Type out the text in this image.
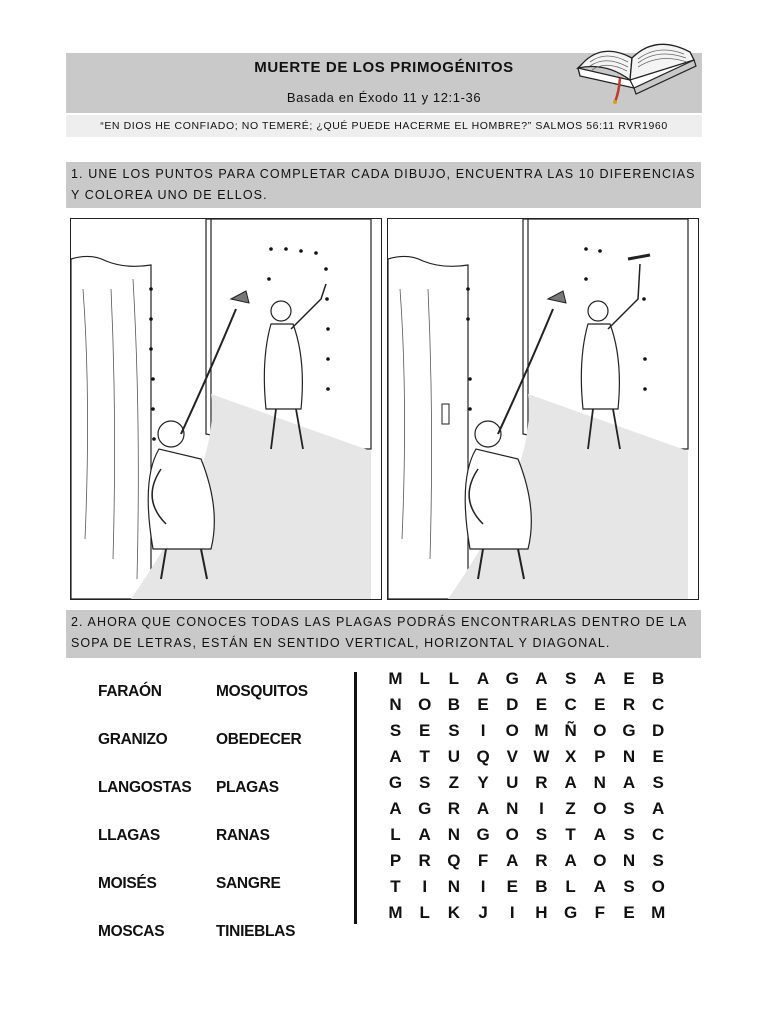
MUERTE DE LOS PRIMOGÉNITOS
Basada en Éxodo 11 y 12:1-36
“EN DIOS HE CONFIADO; NO TEMERÉ; ¿QUÉ PUEDE HACERME EL HOMBRE?” SALMOS 56:11 RVR1960
1. UNE LOS PUNTOS PARA COMPLETAR CADA DIBUJO, ENCUENTRA LAS 10 DIFERENCIAS Y COLOREA UNO DE ELLOS.
2. AHORA QUE CONOCES TODAS LAS PLAGAS PODRÁS ENCONTRARLAS DENTRO DE LA SOPA DE LETRAS, ESTÁN EN SENTIDO VERTICAL, HORIZONTAL Y DIAGONAL.
FARAÓN	MOSQUITOS
GRANIZO	OBEDECER
LANGOSTAS	PLAGAS
LLAGAS	RANAS
MOISÉS	SANGRE
MOSCAS	TINIEBLAS
M L	L	A G A	S	A	E	B
N O B	E	D	E	C	E	R C
S	E	S	I	O M Ñ O G D
A	T	U Q V W X	P	N	E
G S	Z	Y	U R A N A	S
A G R A N	I	Z	O S	A
L	A N G O S	T	A	S	C
P	R Q	F	A R A O N	S
T	I	N	I	E	B	L	A	S O
M L	K	J	I	H G	F	E M
